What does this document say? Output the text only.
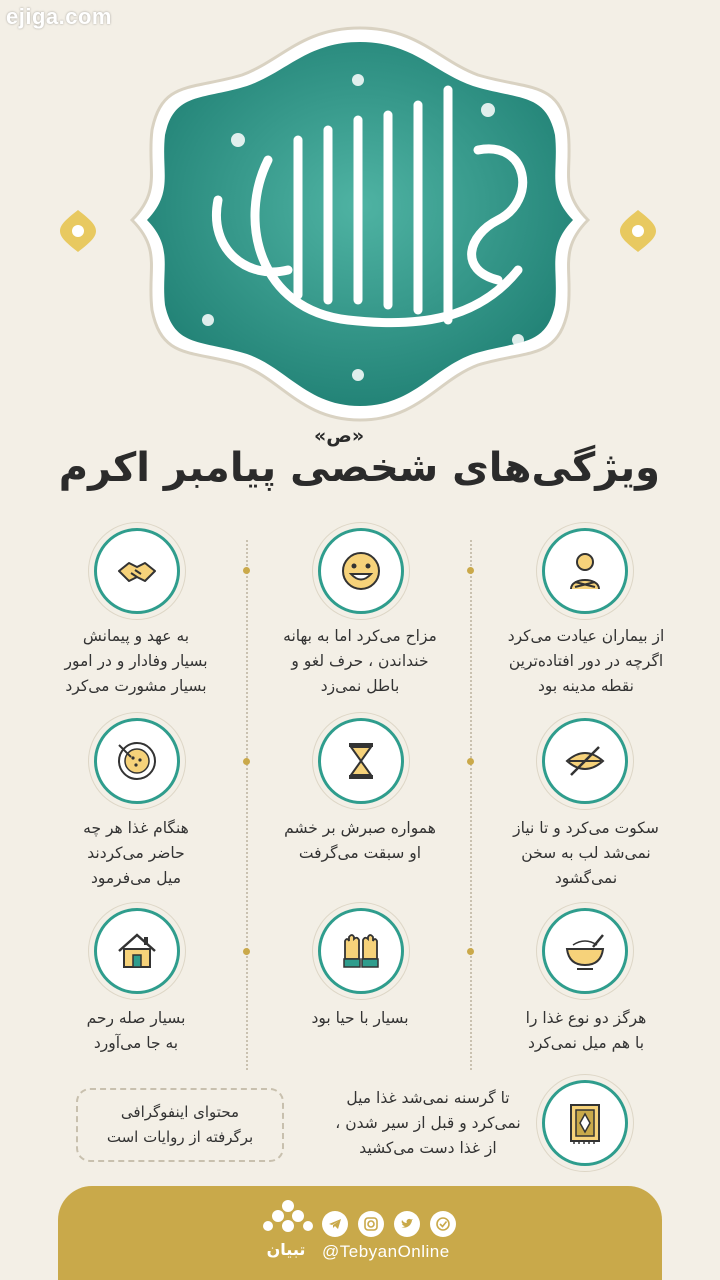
ejiga.com
«ص»
ویژگی‌های شخصی پیامبر اکرم
از بیماران عیادت می‌کرد
اگرچه در دور افتاده‌ترین
نقطه مدینه بود
مزاح می‌کرد اما به بهانه
خنداندن ، حرف لغو و
باطل نمی‌زد
به عهد و پیمانش
بسیار وفادار و در امور
بسیار مشورت می‌کرد
سکوت می‌کرد و تا نیاز
نمی‌شد لب به سخن
نمی‌گشود
همواره صبرش بر خشم
او سبقت می‌گرفت
هنگام غذا هر چه
حاضر می‌کردند
میل می‌فرمود
هرگز دو نوع غذا را
با هم میل نمی‌کرد
بسیار با حیا بود
بسیار صله رحم
به جا می‌آورد
تا گرسنه نمی‌شد غذا میل
نمی‌کرد و قبل از سیر شدن ،
از غذا دست می‌کشید
محتوای اینفوگرافی
برگرفته از روایات است
تبیان @TebyanOnline
